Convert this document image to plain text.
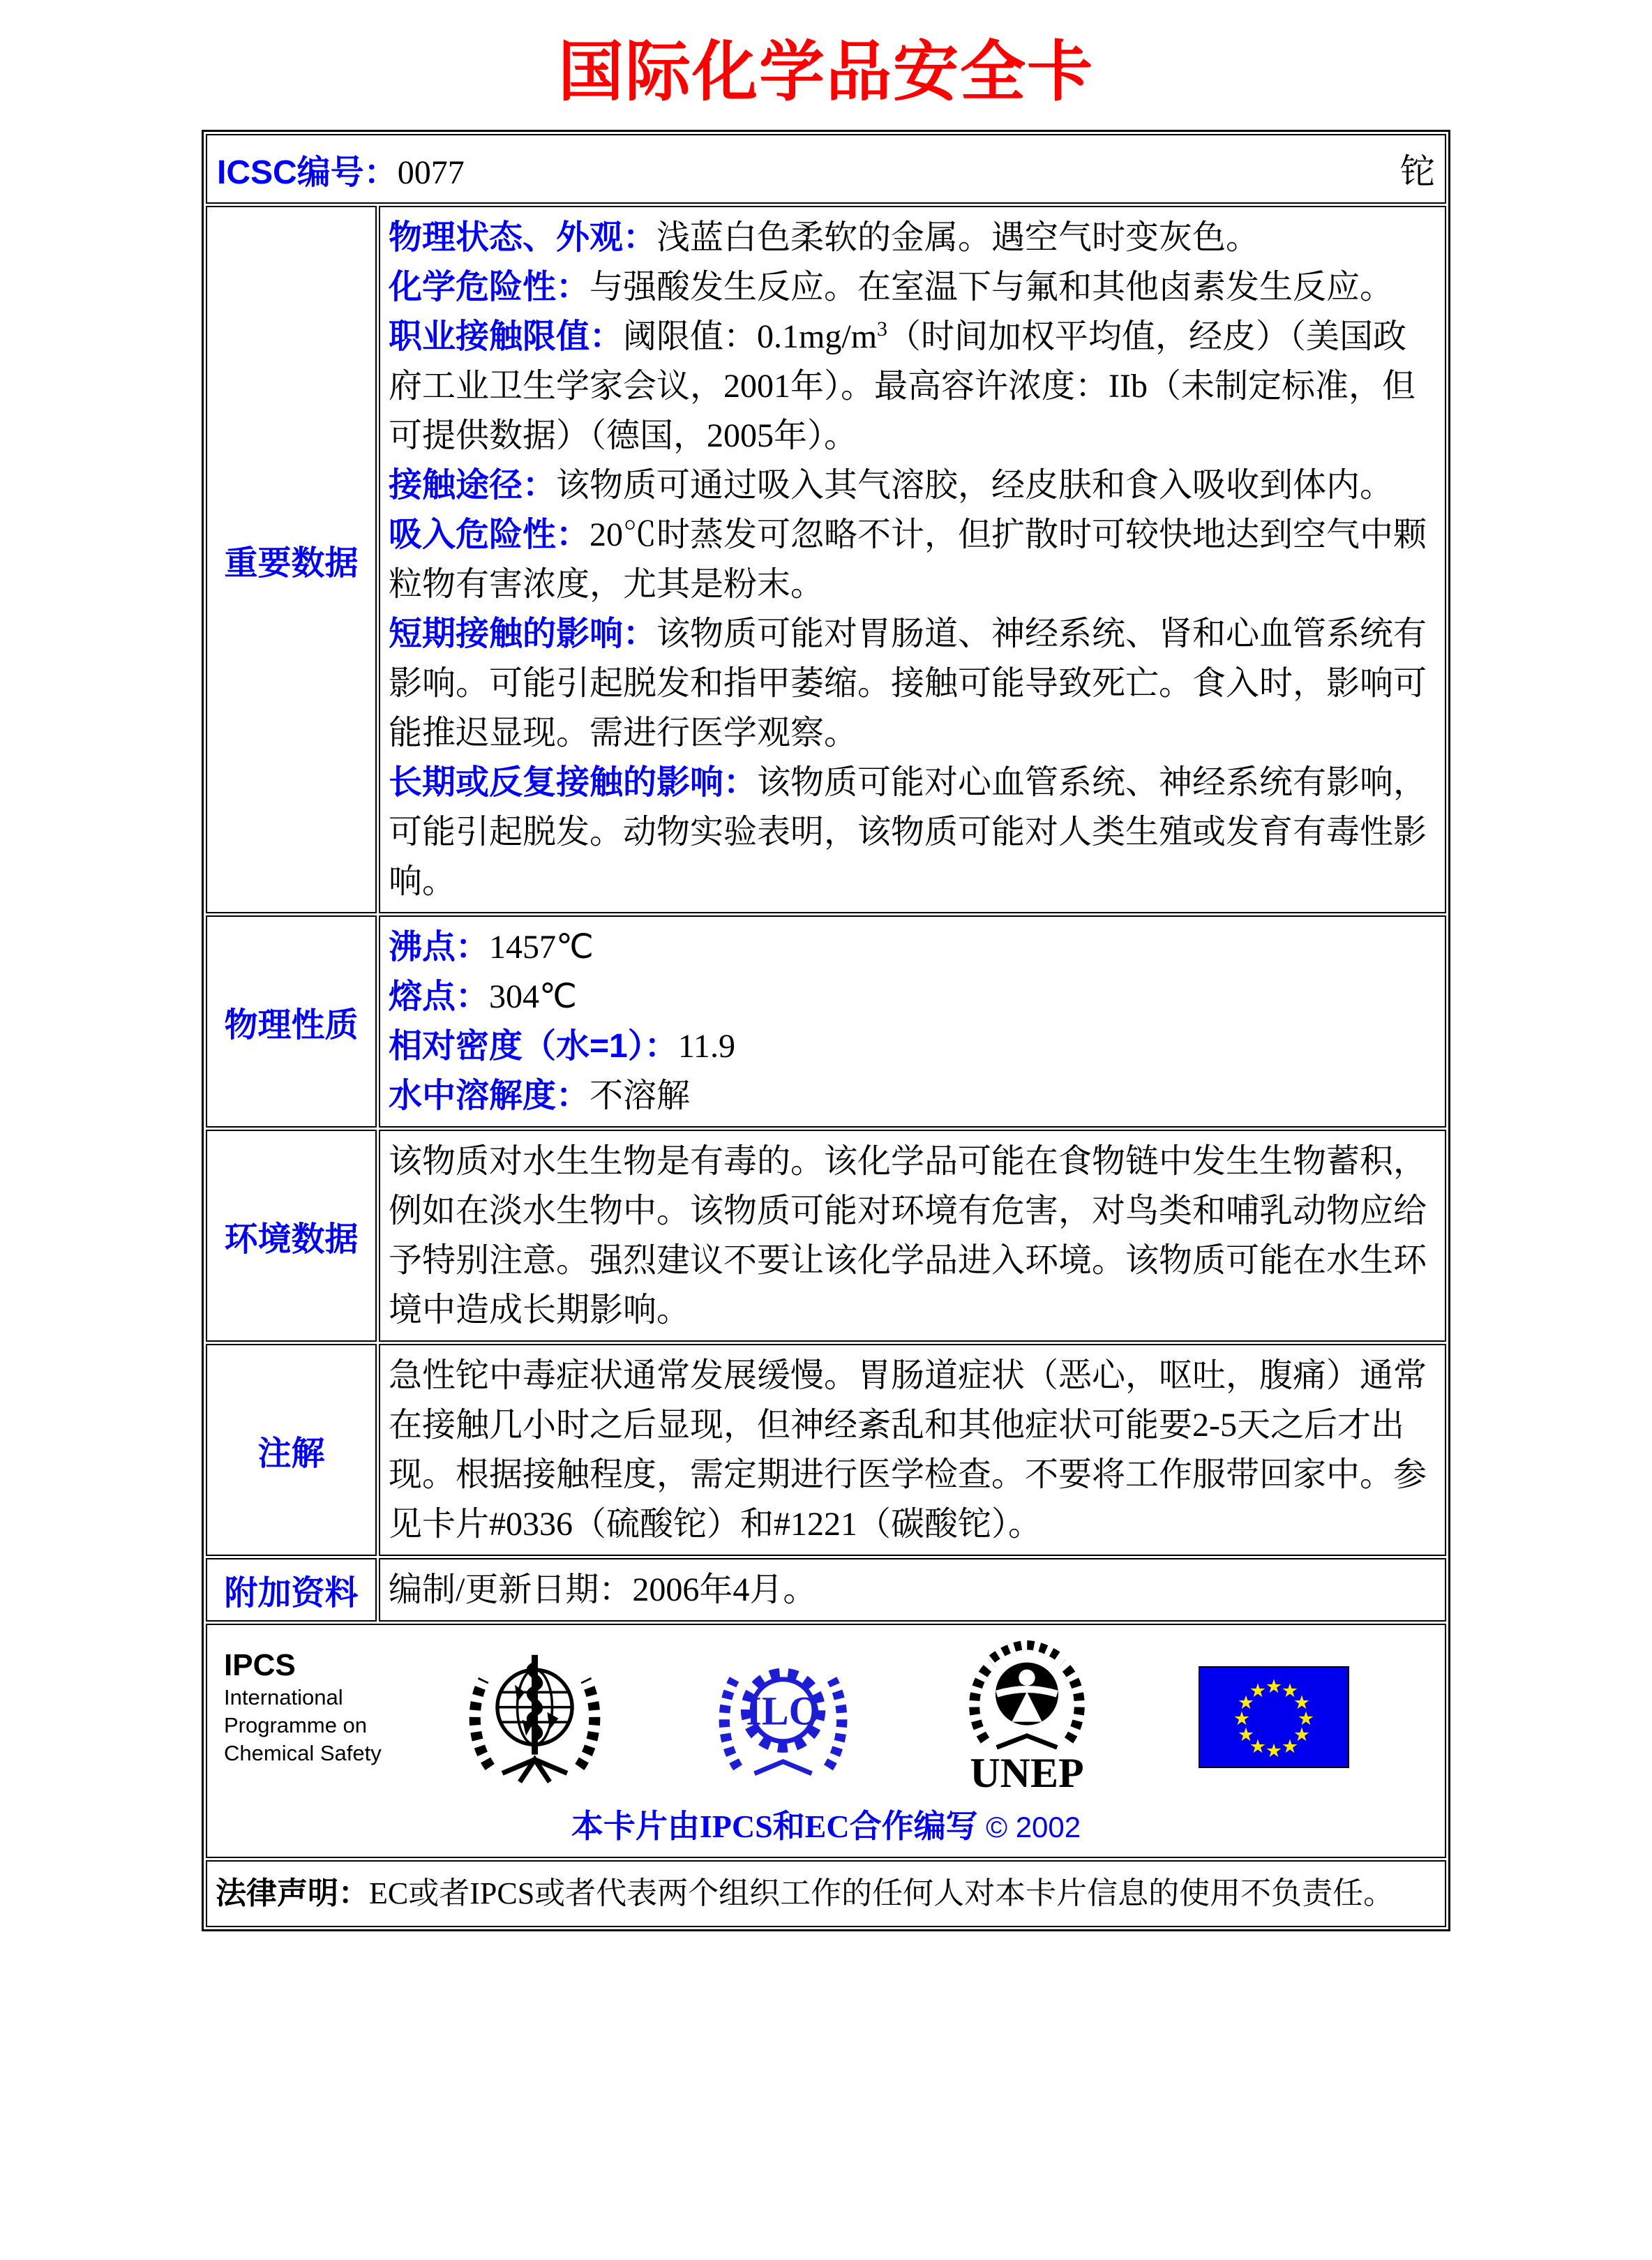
国际化学品安全卡
ICSC编号：0077 铊	

重要数据	
物理状态、外观：浅蓝白色柔软的金属。遇空气时变灰色。
化学危险性：与强酸发生反应。在室温下与氟和其他卤素发生反应。
职业接触限值：阈限值：$0.1mg/m^3$（时间加权平均值，经皮）（美国政府工业卫生学家会议，2001年）。最高容许浓度：IIb（未制定标准，但可提供数据）（德国，2005年）。
接触途径：该物质可通过吸入其气溶胶，经皮肤和食入吸收到体内。
吸入危险性：20℃时蒸发可忽略不计，但扩散时可较快地达到空气中颗粒物有害浓度，尤其是粉末。
短期接触的影响：该物质可能对胃肠道、神经系统、肾和心血管系统有影响。可能引起脱发和指甲萎缩。接触可能导致死亡。食入时，影响可能推迟显现。需进行医学观察。
长期或反复接触的影响：该物质可能对心血管系统、神经系统有影响，可能引起脱发。动物实验表明，该物质可能对人类生殖或发育有毒性影响。

物理性质	沸点：1457℃
熔点：304℃
相对密度（水=1）：11.9
水中溶解度：不溶解

环境数据	该物质对水生生物是有毒的。该化学品可能在食物链中发生生物蓄积，例如在淡水生物中。该物质可能对环境有危害，对鸟类和哺乳动物应给予特别注意。强烈建议不要让该化学品进入环境。该物质可能在水生环境中造成长期影响。

注解	急性铊中毒症状通常发展缓慢。胃肠道症状（恶心，呕吐，腹痛）通常在接触几小时之后显现，但神经紊乱和其他症状可能要2-5天之后才出现。根据接触程度，需定期进行医学检查。不要将工作服带回家中。参见卡片#0336（硫酸铊）和#1221（碳酸铊）。

附加资料	编制/更新日期：2006年4月。

IPCS
International
Programme on
Chemical Safety
ILO
UNEP
★
★
★
★
★
★
★
★
★
★
★
★
本卡片由IPCS和EC合作编写 © 2002

法律声明：EC或者IPCS或者代表两个组织工作的任何人对本卡片信息的使用不负责任。	
